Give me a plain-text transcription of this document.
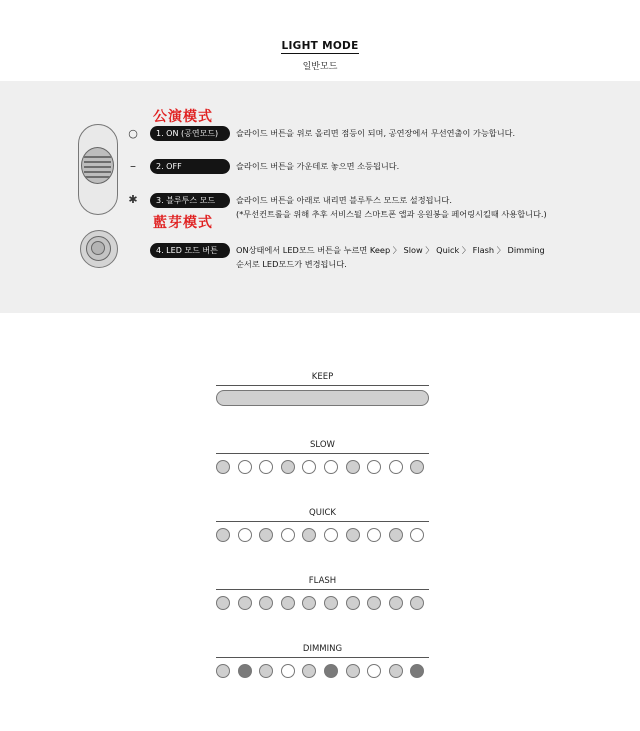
LIGHT MODE
일반모드
○
–
✱
公演模式
藍芽模式
1. ON (공연모드)
2. OFF
3. 블루투스 모드
4. LED 모드 버튼
슬라이드 버튼을 위로 올리면 점등이 되며, 공연장에서 무선연출이 가능합니다.
슬라이드 버튼을 가운데로 놓으면 소등됩니다.
슬라이드 버튼을 아래로 내리면 블루투스 모드로 설정됩니다.
(*무선컨트롤을 위해 추후 서비스될 스마트폰 앱과 응원봉을 페어링시킬때 사용합니다.)
ON상태에서 LED모드 버튼을 누르면 Keep 〉 Slow 〉 Quick 〉 Flash 〉 Dimming
순서로 LED모드가 변경됩니다.
KEEP
SLOW
QUICK
FLASH
DIMMING
